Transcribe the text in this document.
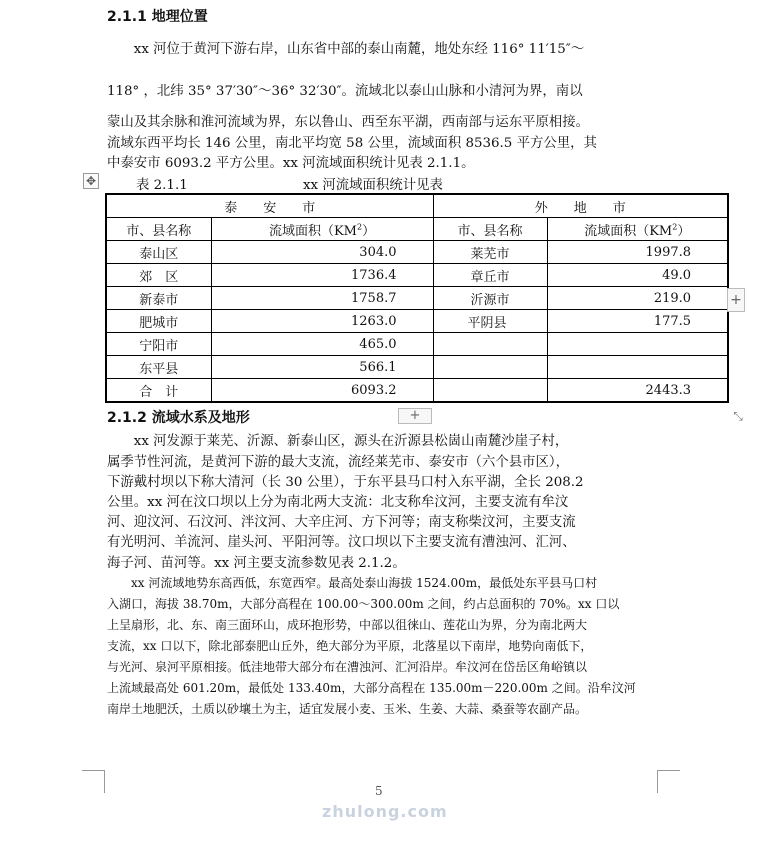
2.1.1 地理位置

　　xx 河位于黄河下游右岸，山东省中部的泰山南麓，地处东经 116° 11′15″～

118° ，北纬 35° 37′30″～36° 32′30″。流域北以泰山山脉和小清河为界，南以

蒙山及其余脉和淮河流域为界，东以鲁山、西至东平湖，西南部与运东平原相接。

流域东西平均长 146 公里，南北平均宽 58 公里，流域面积 8536.5 平方公里，其

中泰安市 6093.2 平方公里。xx 河流域面积统计见表 2.1.1。

✥	表 2.1.1	xx 河流域面积统计见表
泰　　安　　市		外　　地　　市	
市、县名称	流域面积$(KM^2)$	市、县名称	流域面积$(KM^2)$
泰山区	304.0	莱芜市	1997.8
郊　区	1736.4	章丘市	49.0
新泰市	1758.7	沂源市	219.0
肥城市	1263.0	平阴县	177.5
宁阳市	465.0		
东平县	566.1		
合　计	6093.2		2443.3
+
+	⤡
2.1.2 流域水系及地形

　　xx 河发源于莱芜、沂源、新泰山区，源头在沂源县松崮山南麓沙崖子村，

属季节性河流，是黄河下游的最大支流，流经莱芜市、泰安市（六个县市区），

下游戴村坝以下称大清河（长 30 公里），于东平县马口村入东平湖，全长 208.2

公里。xx 河在汶口坝以上分为南北两大支流：北支称牟汶河，主要支流有牟汶

河、迎汶河、石汶河、泮汶河、大辛庄河、方下河等；南支称柴汶河，主要支流

有光明河、羊流河、崖头河、平阳河等。汶口坝以下主要支流有漕浊河、汇河、

海子河、苗河等。xx 河主要支流参数见表 2.1.2。

　　xx 河流域地势东高西低，东宽西窄。最高处泰山海拔 1524.00m，最低处东平县马口村

入湖口，海拔 38.70m，大部分高程在 100.00～300.00m 之间，约占总面积的 70%。xx 口以

上呈扇形，北、东、南三面环山，成环抱形势，中部以徂徕山、莲花山为界，分为南北两大

支流，xx 口以下，除北部泰肥山丘外，绝大部分为平原，北落星以下南岸，地势向南低下，

与光河、泉河平原相接。低洼地带大部分布在漕浊河、汇河沿岸。牟汶河在岱岳区角峪镇以

上流域最高处 601.20m，最低处 133.40m，大部分高程在 135.00m－220.00m 之间。沿牟汶河

南岸土地肥沃，土质以砂壤土为主，适宜发展小麦、玉米、生姜、大蒜、桑蚕等农副产品。

5
zhulong.com
